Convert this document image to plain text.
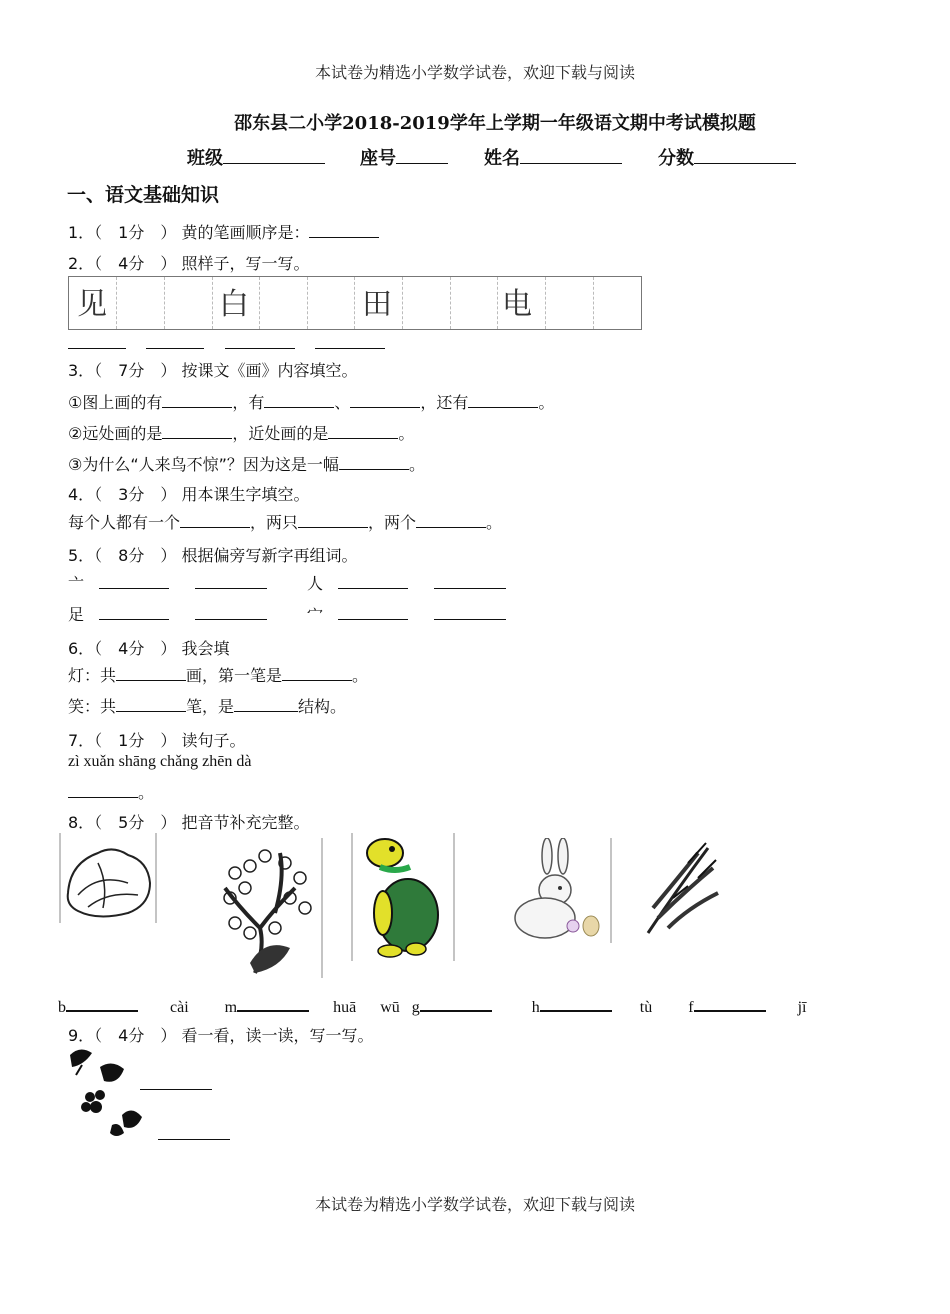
本试卷为精选小学数学试卷，欢迎下载与阅读
邵东县二小学2018-2019学年上学期一年级语文期中考试模拟题
班级	座号	姓名	分数
一、语文基础知识
1．（　1分　） 黄的笔画顺序是：
2．（　4分　） 照样子，写一写。
见	白	田	电

3．（　7分　） 按课文《画》内容填空。
①图上画的有	，有	、	，还有	。
②远处画的是	，近处画的是	。
③为什么“人来鸟不惊”？因为这是一幅	。
4．（　3分　） 用本课生字填空。
每个人都有一个	，两只	，两个	。
5．（　8分　） 根据偏旁写新字再组词。
亠	人
足	宀
6．（　4分　） 我会填
灯：共	画，第一笔是	。
笑：共	笔，是	结构。
7．（　1分　） 读句子。
zì xuǎn shāng chǎng zhēn dà
。
8．（　5分　） 把音节补充完整。
b	cài m	huā wū g	h	tù f	jī
9．（　4分　） 看一看，读一读，写一写。
本试卷为精选小学数学试卷，欢迎下载与阅读
